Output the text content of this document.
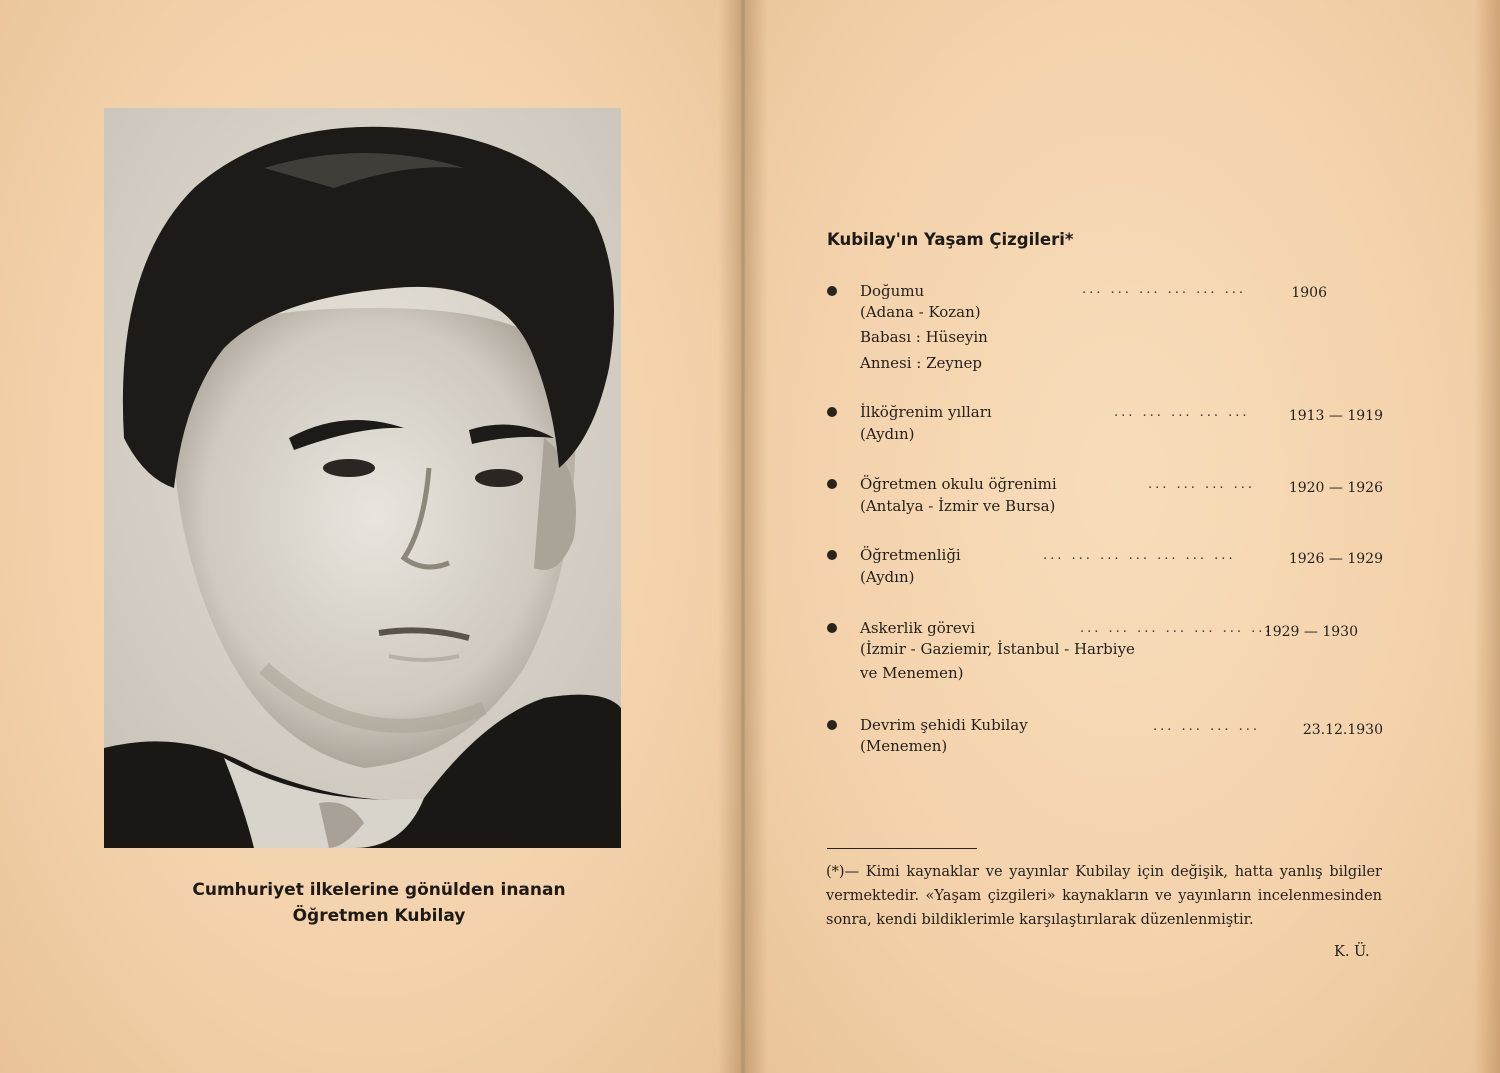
Cumhuriyet ilkelerine gönülden inanan
Öğretmen Kubilay
Kubilay'ın Yaşam Çizgileri*
Doğumu
(Adana - Kozan)
Babası : Hüseyin
Annesi : Zeynep
... ... ... ... ... ...	1906
İlköğrenim yılları
(Aydın)
... ... ... ... ...	1913 — 1919
Öğretmen okulu öğrenimi
(Antalya - İzmir ve Bursa)
... ... ... ... 1920 — 1926
Öğretmenliği
(Aydın)
... ... ... ... ... ... ...	1926 — 1929
Askerlik görevi
(İzmir - Gaziemir, İstanbul - Harbiye
ve Menemen)
... ... ... ... ... ... ...
1929 — 1930
Devrim şehidi Kubilay
(Menemen)
... ... ... ...	23.12.1930
(*)— Kimi kaynaklar ve yayınlar Kubilay için değişik, hatta yanlış bilgiler vermektedir. «Yaşam çizgileri» kaynakların ve yayınların incelenmesinden sonra, kendi bildiklerimle karşılaştırılarak düzenlenmiştir.
K. Ü.
